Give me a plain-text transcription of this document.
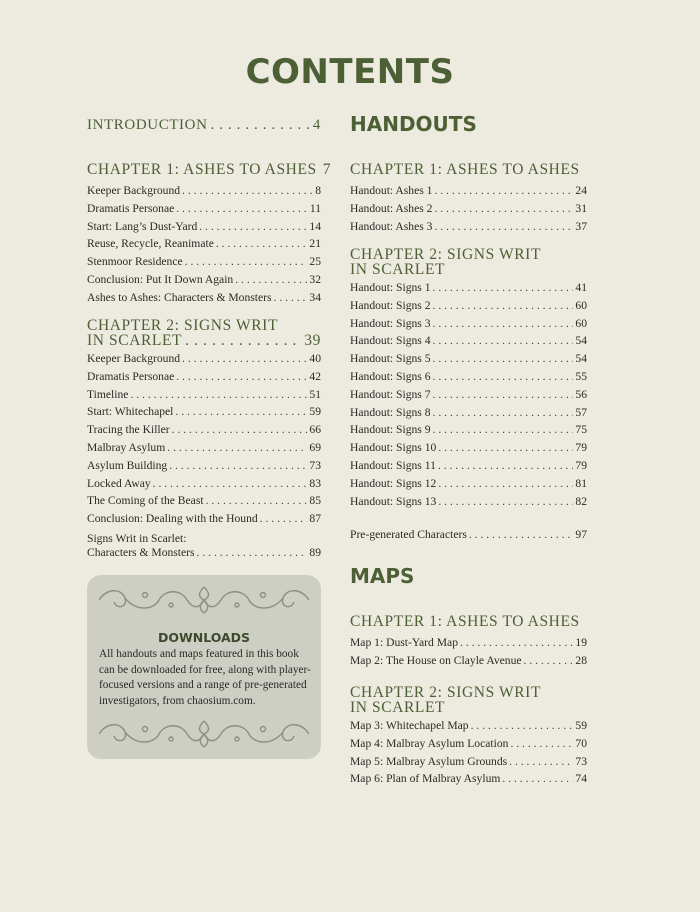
CONTENTS
INTRODUCTION . . .	4
CHAPTER 1: ASHES TO ASHES 7
Keeper Background . . .	8
Dramatis Personae . . .	11
Start: Lang’s Dust-Yard . . .	14
Reuse, Recycle, Reanimate . . .	21
Stenmoor Residence . . .	25
Conclusion: Put It Down Again . . .	32
Ashes to Ashes: Characters & Monsters . . .	34
CHAPTER 2: SIGNS WRIT
IN SCARLET . . .	39
Keeper Background . . .	40
Dramatis Personae . . .	42
Timeline . . .	51
Start: Whitechapel . . .	59
Tracing the Killer . . .	66
Malbray Asylum . . .	69
Asylum Building . . .	73
Locked Away . . .	83
The Coming of the Beast . . .	85
Conclusion: Dealing with the Hound . . .	87
Signs Writ in Scarlet:
Characters & Monsters . . .	89
DOWNLOADS
All handouts and maps featured in this book can be downloaded for free, along with player-focused versions and a range of pre-generated investigators, from chaosium.com.
HANDOUTS
CHAPTER 1: ASHES TO ASHES
Handout: Ashes 1 . . .	24
Handout: Ashes 2 . . .	31
Handout: Ashes 3 . . .	37
CHAPTER 2: SIGNS WRIT
IN SCARLET
Handout: Signs 1 . . .	41
Handout: Signs 2 . . .	60
Handout: Signs 3 . . .	60
Handout: Signs 4 . . .	54
Handout: Signs 5 . . .	54
Handout: Signs 6 . . .	55
Handout: Signs 7 . . .	56
Handout: Signs 8 . . .	57
Handout: Signs 9 . . .	75
Handout: Signs 10 . . .	79
Handout: Signs 11 . . .	79
Handout: Signs 12 . . .	81
Handout: Signs 13 . . .	82
Pre-generated Characters . . .	97
MAPS
CHAPTER 1: ASHES TO ASHES
Map 1: Dust-Yard Map . . .	19
Map 2: The House on Clayle Avenue . . .	28
CHAPTER 2: SIGNS WRIT
IN SCARLET
Map 3: Whitechapel Map . . .	59
Map 4: Malbray Asylum Location . . .	70
Map 5: Malbray Asylum Grounds . . .	73
Map 6: Plan of Malbray Asylum . . .	74
